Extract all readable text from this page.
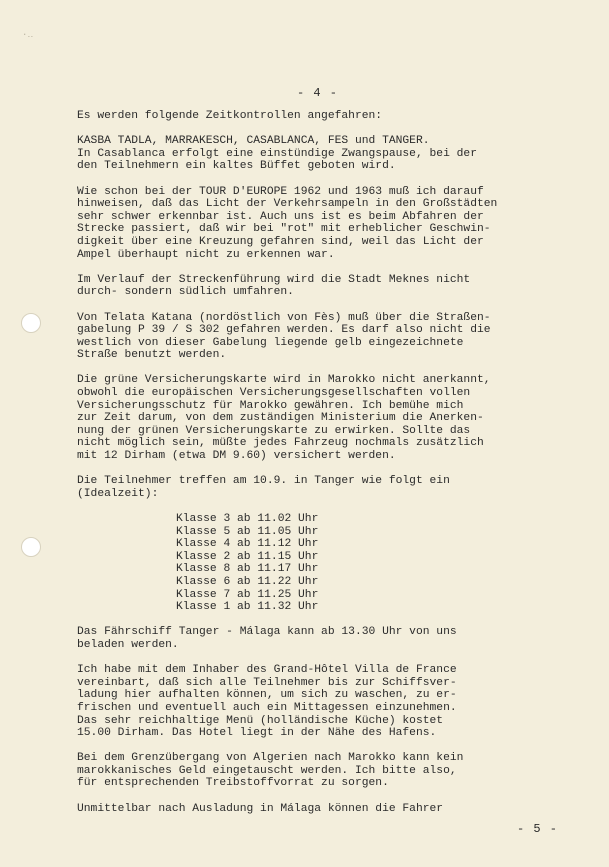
·‥
- 4 -

Es werden folgende Zeitkontrollen angefahren:

KASBA TADLA, MARRAKESCH, CASABLANCA, FES und TANGER.
In Casablanca erfolgt eine einstündige Zwangspause, bei der
den Teilnehmern ein kaltes Büffet geboten wird.

Wie schon bei der TOUR D'EUROPE 1962 und 1963 muß ich darauf
hinweisen, daß das Licht der Verkehrsampeln in den Großstädten
sehr schwer erkennbar ist. Auch uns ist es beim Abfahren der
Strecke passiert, daß wir bei "rot" mit erheblicher Geschwin-
digkeit über eine Kreuzung gefahren sind, weil das Licht der
Ampel überhaupt nicht zu erkennen war.

Im Verlauf der Streckenführung wird die Stadt Meknes nicht
durch- sondern südlich umfahren.

Von Telata Katana (nordöstlich von Fès) muß über die Straßen-
gabelung P 39 / S 302 gefahren werden. Es darf also nicht die
westlich von dieser Gabelung liegende gelb eingezeichnete
Straße benutzt werden.

Die grüne Versicherungskarte wird in Marokko nicht anerkannt,
obwohl die europäischen Versicherungsgesellschaften vollen
Versicherungsschutz für Marokko gewähren. Ich bemühe mich
zur Zeit darum, von dem zuständigen Ministerium die Anerken-
nung der grünen Versicherungskarte zu erwirken. Sollte das
nicht möglich sein, müßte jedes Fahrzeug nochmals zusätzlich
mit 12 Dirham (etwa DM 9.60) versichert werden.

Die Teilnehmer treffen am 10.9. in Tanger wie folgt ein
(Idealzeit):

Klasse 3 ab 11.02 Uhr
Klasse 5 ab 11.05 Uhr
Klasse 4 ab 11.12 Uhr
Klasse 2 ab 11.15 Uhr
Klasse 8 ab 11.17 Uhr
Klasse 6 ab 11.22 Uhr
Klasse 7 ab 11.25 Uhr
Klasse 1 ab 11.32 Uhr

Das Fährschiff Tanger - Málaga kann ab 13.30 Uhr von uns
beladen werden.

Ich habe mit dem Inhaber des Grand-Hôtel Villa de France
vereinbart, daß sich alle Teilnehmer bis zur Schiffsver-
ladung hier aufhalten können, um sich zu waschen, zu er-
frischen und eventuell auch ein Mittagessen einzunehmen.
Das sehr reichhaltige Menü (holländische Küche) kostet
15.00 Dirham. Das Hotel liegt in der Nähe des Hafens.

Bei dem Grenzübergang von Algerien nach Marokko kann kein
marokkanisches Geld eingetauscht werden. Ich bitte also,
für entsprechenden Treibstoffvorrat zu sorgen.

Unmittelbar nach Ausladung in Málaga können die Fahrer

- 5 -
